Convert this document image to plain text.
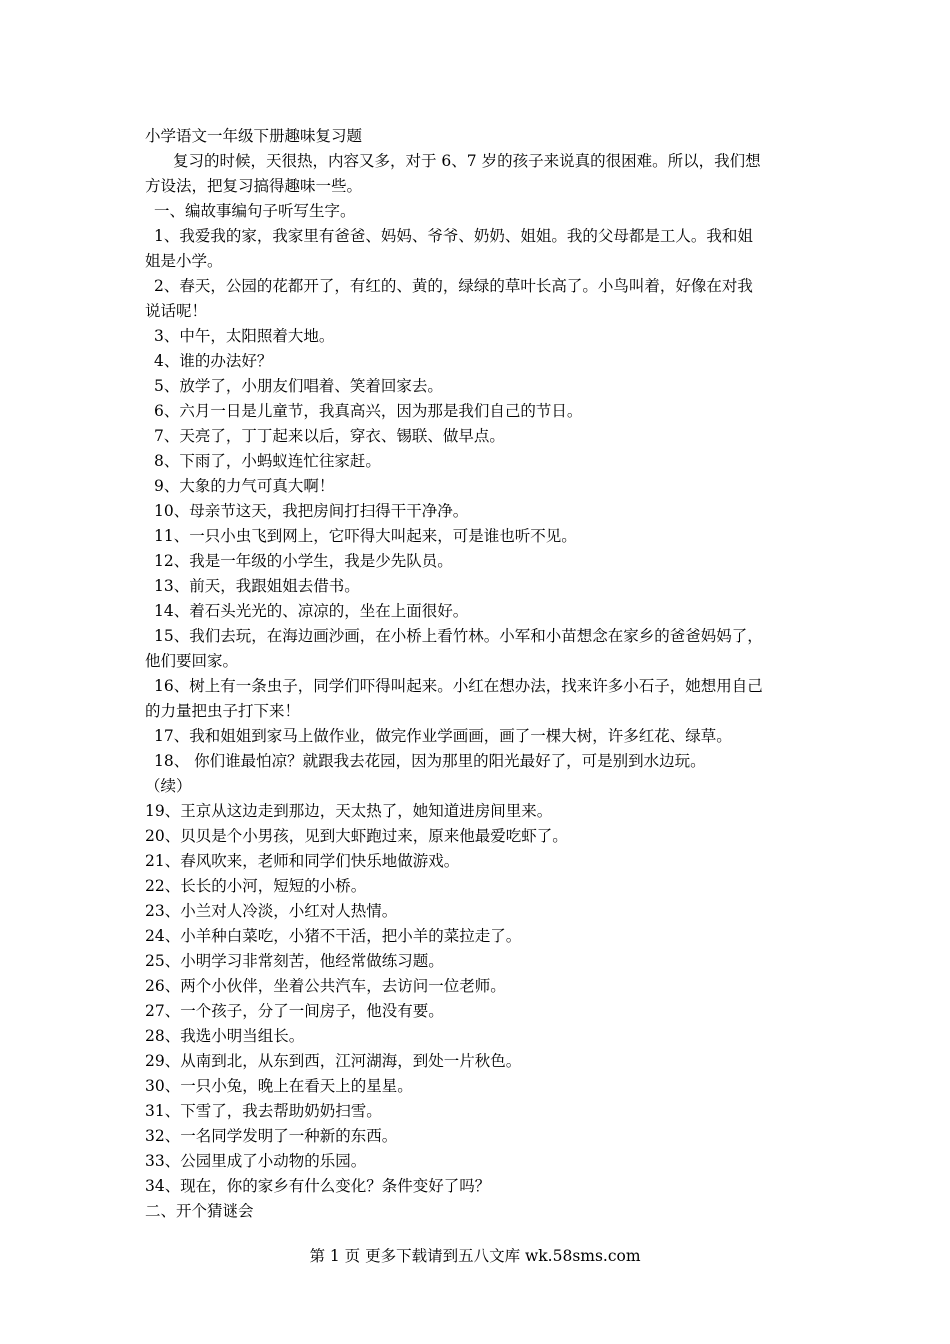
小学语文一年级下册趣味复习题
复习的时候，天很热，内容又多，对于 6、7 岁的孩子来说真的很困难。所以，我们想
方设法，把复习搞得趣味一些。
一、编故事编句子听写生字。
1、我爱我的家，我家里有爸爸、妈妈、爷爷、奶奶、姐姐。我的父母都是工人。我和姐
姐是小学。
2、春天，公园的花都开了，有红的、黄的，绿绿的草叶长高了。小鸟叫着，好像在对我
说话呢！
3、中午，太阳照着大地。
4、谁的办法好？
5、放学了，小朋友们唱着、笑着回家去。
6、六月一日是儿童节，我真高兴，因为那是我们自己的节日。
7、天亮了，丁丁起来以后，穿衣、锡联、做早点。
8、下雨了，小蚂蚁连忙往家赶。
9、大象的力气可真大啊！
10、母亲节这天，我把房间打扫得干干净净。
11、一只小虫飞到网上，它吓得大叫起来，可是谁也听不见。
12、我是一年级的小学生，我是少先队员。
13、前天，我跟姐姐去借书。
14、着石头光光的、凉凉的，坐在上面很好。
15、我们去玩，在海边画沙画，在小桥上看竹林。小军和小苗想念在家乡的爸爸妈妈了，
他们要回家。
16、树上有一条虫子，同学们吓得叫起来。小红在想办法，找来许多小石子，她想用自己
的力量把虫子打下来！
17、我和姐姐到家马上做作业，做完作业学画画，画了一棵大树，许多红花、绿草。
18、 你们谁最怕凉？就跟我去花园，因为那里的阳光最好了，可是别到水边玩。
（续）
19、王京从这边走到那边，天太热了，她知道进房间里来。
20、贝贝是个小男孩，见到大虾跑过来，原来他最爱吃虾了。
21、春风吹来，老师和同学们快乐地做游戏。
22、长长的小河，短短的小桥。
23、小兰对人冷淡，小红对人热情。
24、小羊种白菜吃，小猪不干活，把小羊的菜拉走了。
25、小明学习非常刻苦，他经常做练习题。
26、两个小伙伴，坐着公共汽车，去访问一位老师。
27、一个孩子，分了一间房子，他没有要。
28、我选小明当组长。
29、从南到北，从东到西，江河湖海，到处一片秋色。
30、一只小兔，晚上在看天上的星星。
31、下雪了，我去帮助奶奶扫雪。
32、一名同学发明了一种新的东西。
33、公园里成了小动物的乐园。
34、现在，你的家乡有什么变化？条件变好了吗？
二、开个猜谜会
第 1 页 更多下载请到五八文库 wk.58sms.com
